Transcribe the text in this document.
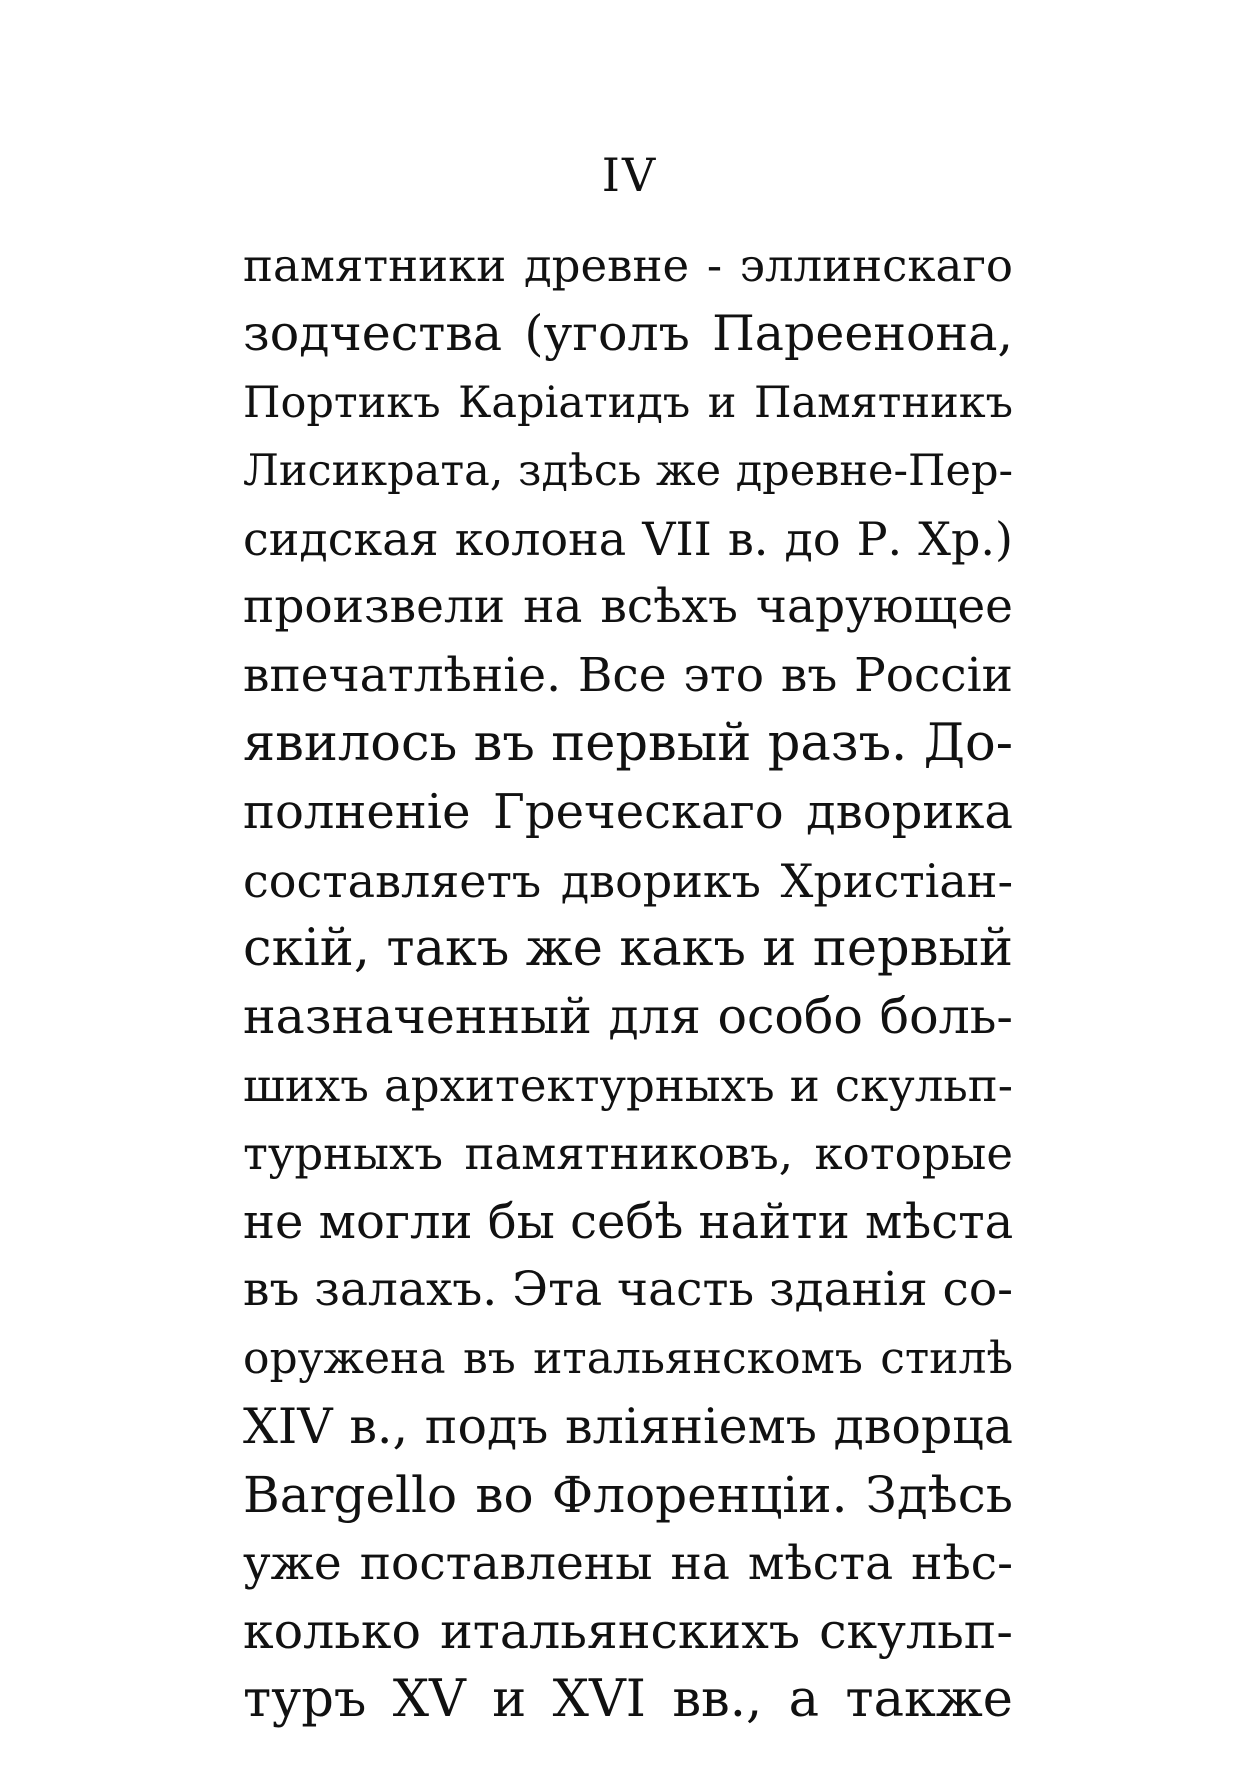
IV
памятники древне - эллинскаго
зодчества (уголъ Пареенона,
Портикъ Каріатидъ и Памятникъ
Лисикрата, здѣсь же древне-Пер-
сидская колона VII в. до Р. Хр.)
произвели на всѣхъ чарующее
впечатлѣніе. Все это въ Россіи
явилось въ первый разъ. До-
полненіе Греческаго дворика
составляетъ дворикъ Христіан-
скій, такъ же какъ и первый
назначенный для особо боль-
шихъ архитектурныхъ и скульп-
турныхъ памятниковъ, которые
не могли бы себѣ найти мѣста
въ залахъ. Эта часть зданія со-
оружена въ итальянскомъ стилѣ
XIV в., подъ вліяніемъ дворца
Bargello во Флоренціи. Здѣсь
уже поставлены на мѣста нѣс-
колько итальянскихъ скульп-
туръ XV и XVI вв., а также
